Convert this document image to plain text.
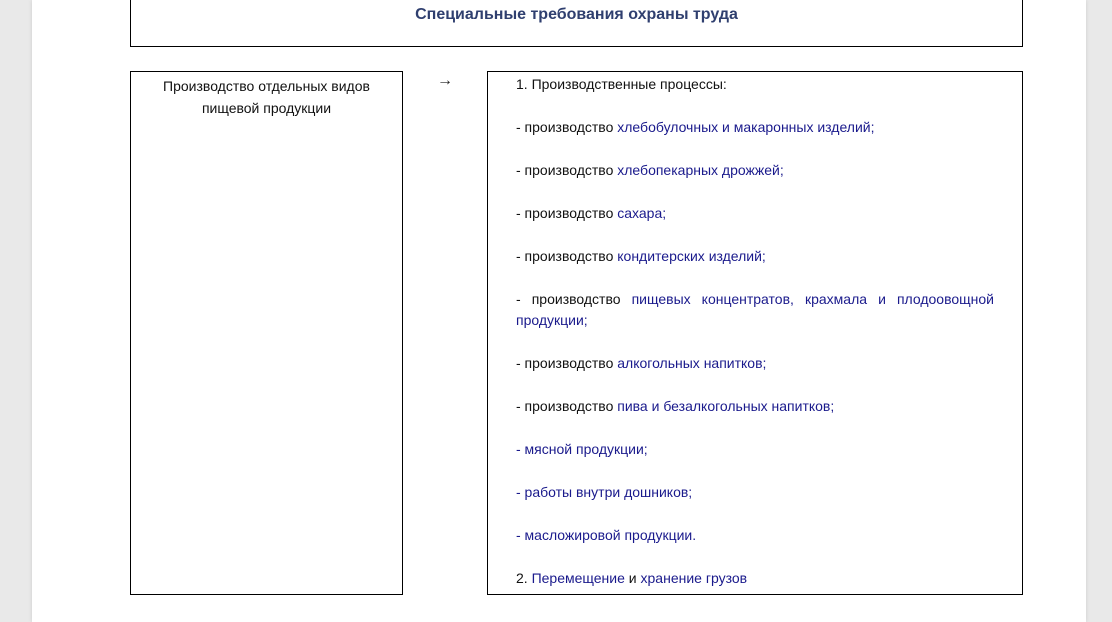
Специальные требования охраны труда
Производство отдельных видов пищевой продукции
→	1. Производственные процессы:

- производство хлебобулочных и макаронных изделий;

- производство хлебопекарных дрожжей;

- производство сахара;

- производство кондитерских изделий;

- производство пищевых концентратов, крахмала и плодоовощной продукции;

- производство алкогольных напитков;

- производство пива и безалкогольных напитков;

- мясной продукции;

- работы внутри дошников;

- масложировой продукции.

2. Перемещение и хранение грузов
